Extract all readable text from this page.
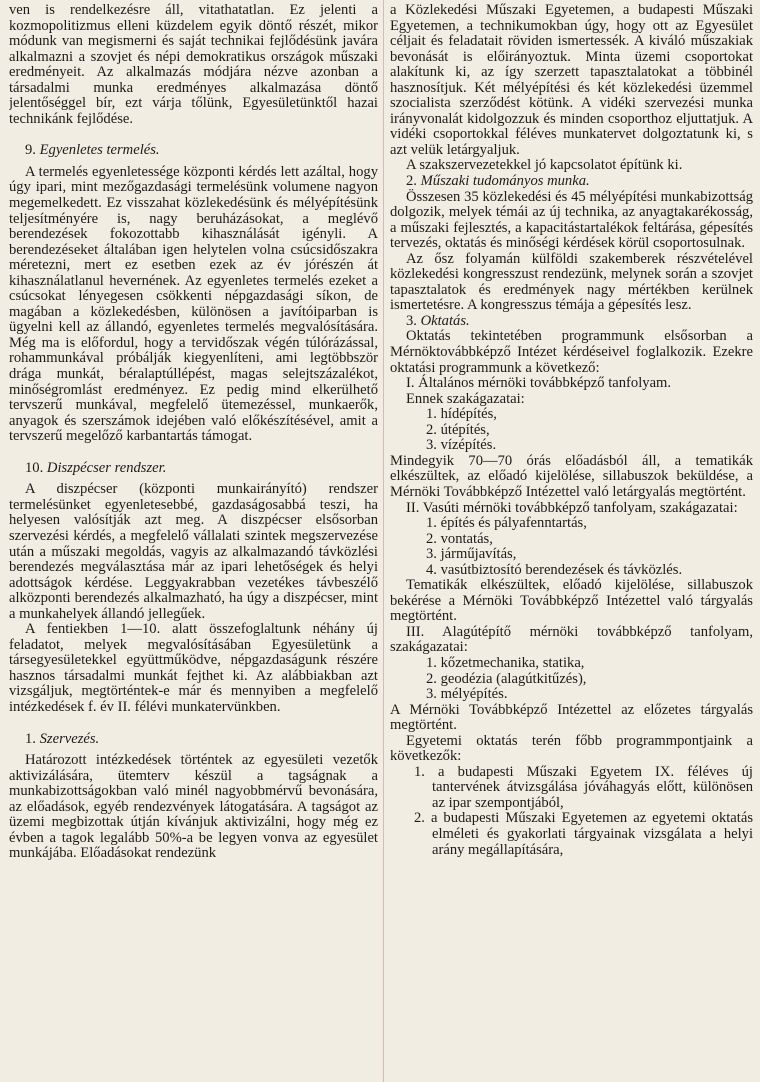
ven is rendelkezésre áll, vitathatatlan. Ez jelenti a kozmopolitizmus elleni küzdelem egyik döntő részét, mikor módunk van megismerni és saját technikai fejlődésünk javára alkalmazni a szovjet és népi demokratikus országok műszaki eredményeit. Az alkalmazás módjára nézve azonban a társadalmi munka eredményes alkalmazása döntő jelentőséggel bír, ezt várja tőlünk, Egyesületünktől hazai technikánk fejlődése.

9. Egyenletes termelés.

A termelés egyenletessége központi kérdés lett azáltal, hogy úgy ipari, mint mezőgazdasági termelésünk volumene nagyon megemelkedett. Ez visszahat közlekedésünk és mélyépítésünk teljesítményére is, nagy beruházásokat, a meglévő berendezések fokozottabb kihasználását igényli. A berendezéseket általában igen helytelen volna csúcsidőszakra méretezni, mert ez esetben ezek az év jórészén át kihasználatlanul hevernének. Az egyenletes termelés ezeket a csúcsokat lényegesen csökkenti népgazdasági síkon, de magában a közlekedésben, különösen a javítóiparban is ügyelni kell az állandó, egyenletes termelés megvalósítására. Még ma is előfordul, hogy a tervidőszak végén túlórázással, rohammunkával próbálják kiegyenlíteni, ami legtöbbször drága munkát, béralaptúllépést, magas selejtszázalékot, minőségromlást eredményez. Ez pedig mind elkerülhető tervszerű munkával, megfelelő ütemezéssel, munkaerők, anyagok és szerszámok idejében való előkészítésével, amit a tervszerű megelőző karbantartás támogat.

10. Diszpécser rendszer.

A diszpécser (központi munkairányító) rendszer termelésünket egyenletesebbé, gazdaságosabbá teszi, ha helyesen valósítják azt meg. A diszpécser elsősorban szervezési kérdés, a megfelelő vállalati szintek megszervezése után a műszaki megoldás, vagyis az alkalmazandó távközlési berendezés megválasztása már az ipari lehetőségek és helyi adottságok kérdése. Leggyakrabban vezetékes távbeszélő alközponti berendezés alkalmazható, ha úgy a diszpécser, mint a munkahelyek állandó jellegűek.

A fentiekben 1—10. alatt összefoglaltunk néhány új feladatot, melyek megvalósításában Egyesületünk a társegyesületekkel együttműködve, népgazdaságunk részére hasznos társadalmi munkát fejthet ki. Az alábbiakban azt vizsgáljuk, megtörténtek-e már és mennyiben a megfelelő intézkedések f. év II. félévi munkatervünkben.

1. Szervezés.

Határozott intézkedések történtek az egyesületi vezetők aktivizálására, ütemterv készül a tagságnak a munkabizottságokban való minél nagyobbmérvű bevonására, az előadások, egyéb rendezvények látogatására. A tagságot az üzemi megbizottak útján kívánjuk aktivizálni, hogy még ez évben a tagok legalább 50%-a be legyen vonva az egyesület munkájába. Előadásokat rendezünk

a Közlekedési Műszaki Egyetemen, a budapesti Műszaki Egyetemen, a technikumokban úgy, hogy ott az Egyesület céljait és feladatait röviden ismertessék. A kiváló műszakiak bevonását is előirányoztuk. Minta üzemi csoportokat alakítunk ki, az így szerzett tapasztalatokat a többinél hasznosítjuk. Két mélyépítési és két közlekedési üzemmel szocialista szerződést kötünk. A vidéki szervezési munka irányvonalát kidolgozzuk és minden csoporthoz eljuttatjuk. A vidéki csoportokkal féléves munkatervet dolgoztatunk ki, s azt velük letárgyaljuk.

A szakszervezetekkel jó kapcsolatot építünk ki.

2. Műszaki tudományos munka.

Összesen 35 közlekedési és 45 mélyépítési munkabizottság dolgozik, melyek témái az új technika, az anyagtakarékosság, a műszaki fejlesztés, a kapacitástartalékok feltárása, gépesítés tervezés, oktatás és minőségi kérdések körül csoportosulnak.

Az ősz folyamán külföldi szakemberek részvételével közlekedési kongresszust rendezünk, melynek során a szovjet tapasztalatok és eredmények nagy mértékben kerülnek ismertetésre. A kongresszus témája a gépesítés lesz.

3. Oktatás.

Oktatás tekintetében programmunk elsősorban a Mérnöktovábbképző Intézet kérdéseivel foglalkozik. Ezekre oktatási programmunk a következő:

I. Általános mérnöki továbbképző tanfolyam.

Ennek szakágazatai:

1. hídépítés,
2. útépítés,
3. vízépítés.

Mindegyik 70—70 órás előadásból áll, a tematikák elkészültek, az előadó kijelölése, sillabuszok beküldése, a Mérnöki Továbbképző Intézettel való letárgyalás megtörtént.

II. Vasúti mérnöki továbbképző tanfolyam, szakágazatai:

1. építés és pályafenntartás,
2. vontatás,
3. járműjavítás,
4. vasútbiztosító berendezések és távközlés.

Tematikák elkészültek, előadó kijelölése, sillabuszok bekérése a Mérnöki Továbbképző Intézettel való tárgyalás megtörtént.

III. Alagútépítő mérnöki továbbképző tanfolyam, szakágazatai:

1. kőzetmechanika, statika,
2. geodézia (alagútkitűzés),
3. mélyépítés.

A Mérnöki Továbbképző Intézettel az előzetes tárgyalás megtörtént.

Egyetemi oktatás terén főbb programmpontjaink a következők:

1. a budapesti Műszaki Egyetem IX. féléves új tantervének átvizsgálása jóváhagyás előtt, különösen az ipar szempontjából,
2. a budapesti Műszaki Egyetemen az egyetemi oktatás elméleti és gyakorlati tárgyainak vizsgálata a helyi arány megállapítására,
